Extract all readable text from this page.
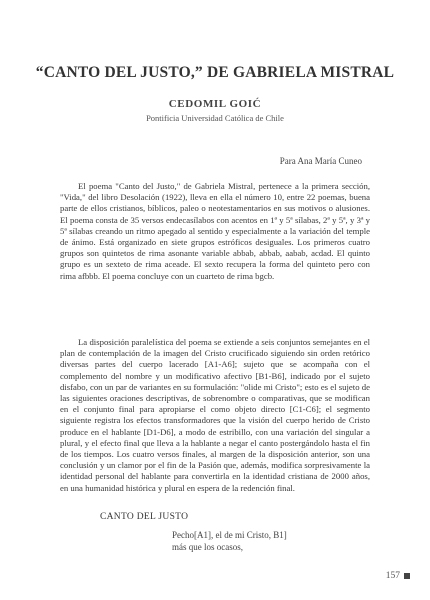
“CANTO DEL JUSTO,” DE GABRIELA MISTRAL
CEDOMIL GOIĆ
Pontificia Universidad Católica de Chile
Para Ana María Cuneo
El poema "Canto del Justo," de Gabriela Mistral, pertenece a la primera sección, "Vida," del libro Desolación (1922), lleva en ella el número 10, entre 22 poemas, buena parte de ellos cristianos, bíblicos, paleo o neotestamentarios en sus motivos o alusiones. El poema consta de 35 versos endecasílabos con acentos en 1ª y 5ª sílabas, 2ª y 5ª, y 3ª y 5ª sílabas creando un ritmo apegado al sentido y especialmente a la variación del temple de ánimo. Está organizado en siete grupos estróficos desiguales. Los primeros cuatro grupos son quintetos de rima asonante variable abbab, abbab, aabab, acdad. El quinto grupo es un sexteto de rima aceade. El sexto recupera la forma del quinteto pero con rima afbbb. El poema concluye con un cuarteto de rima bgcb.
La disposición paralelística del poema se extiende a seis conjuntos semejantes en el plan de contemplación de la imagen del Cristo crucificado siguiendo sin orden retórico diversas partes del cuerpo lacerado [A1-A6]; sujeto que se acompaña con el complemento del nombre y un modificativo afectivo [B1-B6], indicado por el sujeto disfabo, con un par de variantes en su formulación: "olide mi Cristo"; esto es el sujeto de las siguientes oraciones descriptivas, de sobrenombre o comparativas, que se modifican en el conjunto final para apropiarse el como objeto directo [C1-C6]; el segmento siguiente registra los efectos transformadores que la visión del cuerpo herido de Cristo produce en el hablante [D1-D6], a modo de estribillo, con una variación del singular a plural, y el efecto final que lleva a la hablante a negar el canto postergándolo hasta el fin de los tiempos. Los cuatro versos finales, al margen de la disposición anterior, son una conclusión y un clamor por el fin de la Pasión que, además, modifica sorpresivamente la identidad personal del hablante para convertirla en la identidad cristiana de 2000 años, en una humanidad histórica y plural en espera de la redención final.
CANTO DEL JUSTO
Pecho[A1], el de mi Cristo, B1]
más que los ocasos,
157
